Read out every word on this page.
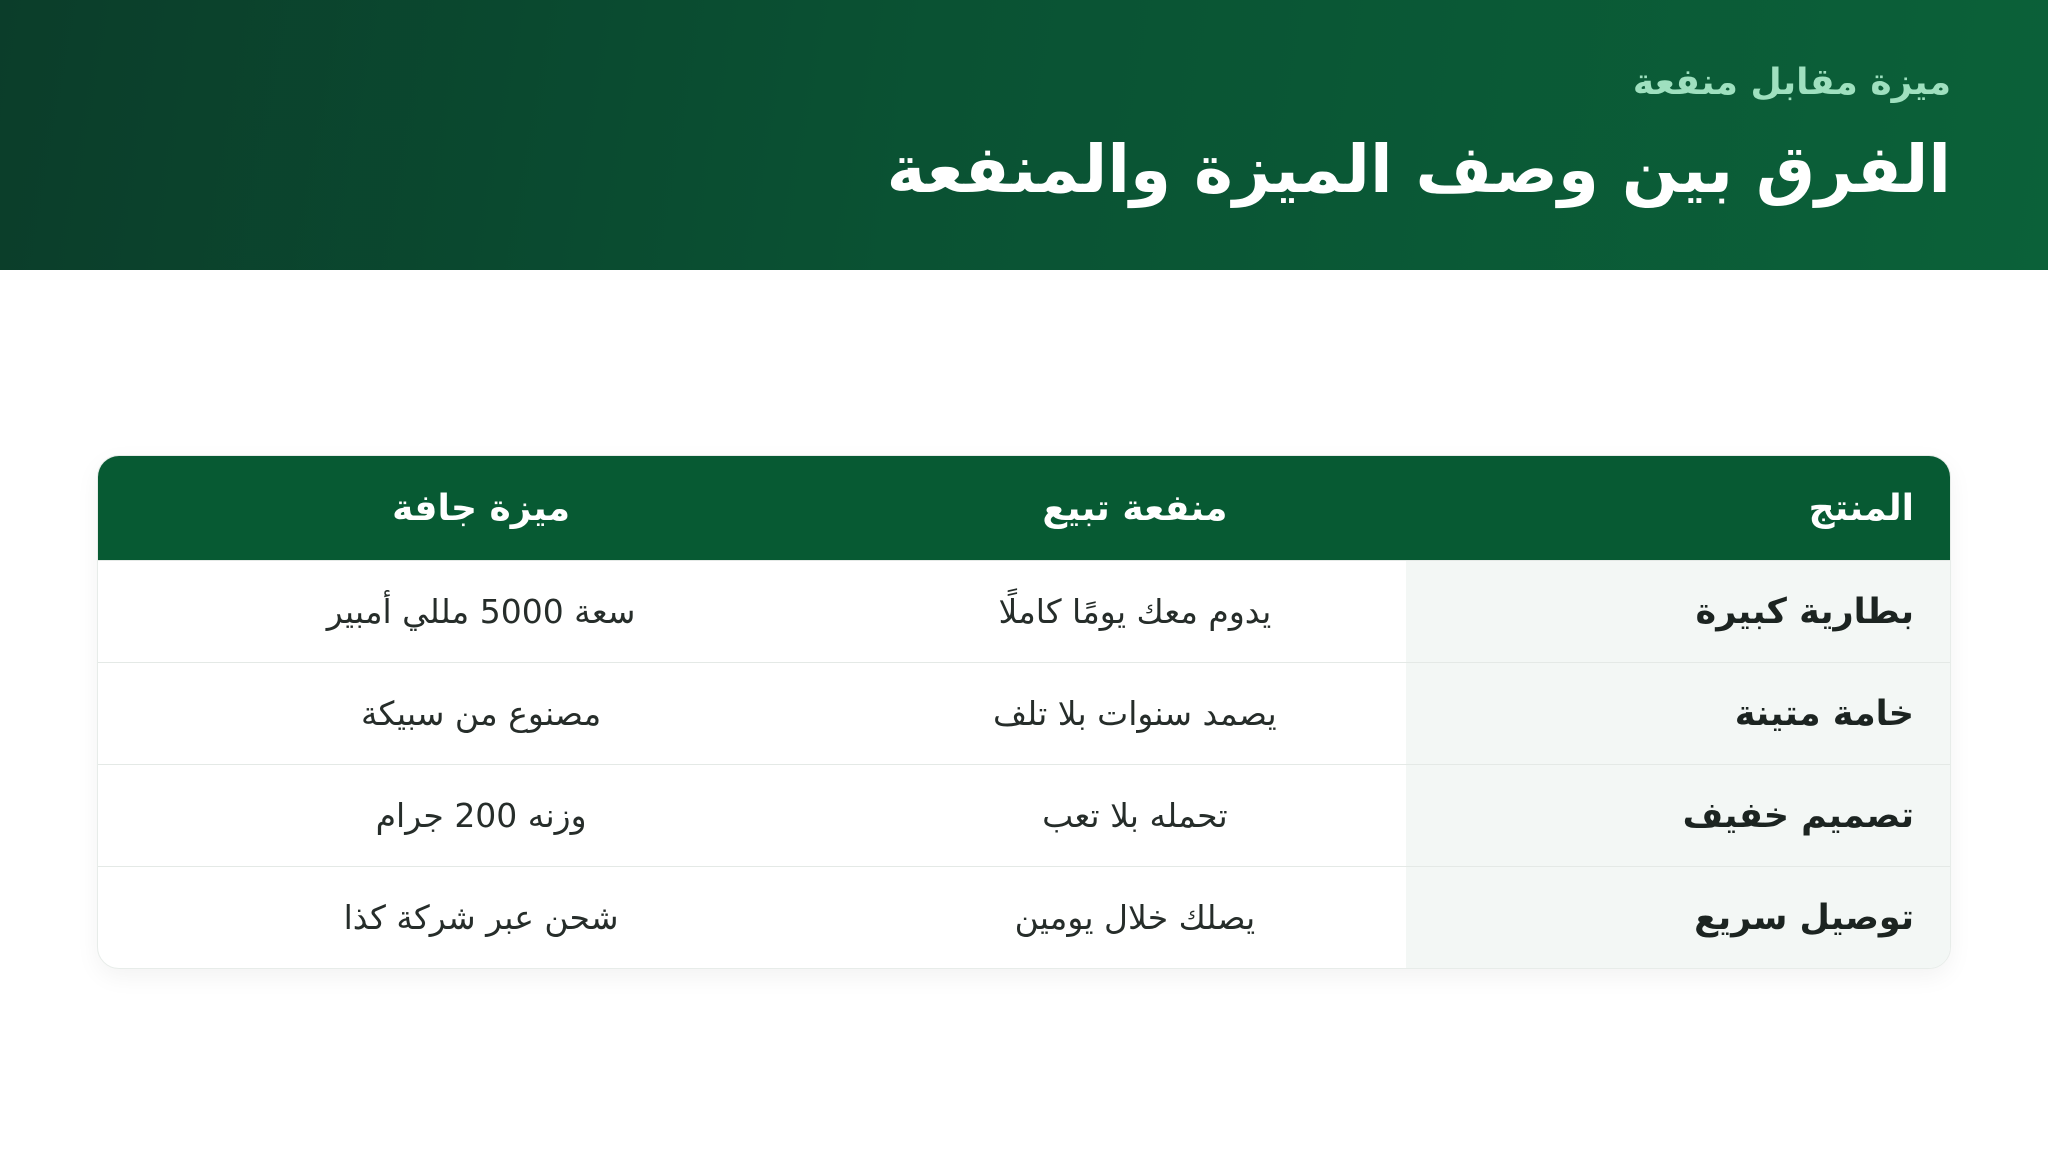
ميزة مقابل منفعة
الفرق بين وصف الميزة والمنفعة
المنتج
منفعة تبيع
ميزة جافة
بطارية كبيرة
يدوم معك يومًا كاملًا
سعة 5000 مللي أمبير
خامة متينة
يصمد سنوات بلا تلف
مصنوع من سبيكة
تصميم خفيف
تحمله بلا تعب
وزنه 200 جرام
توصيل سريع
يصلك خلال يومين
شحن عبر شركة كذا
